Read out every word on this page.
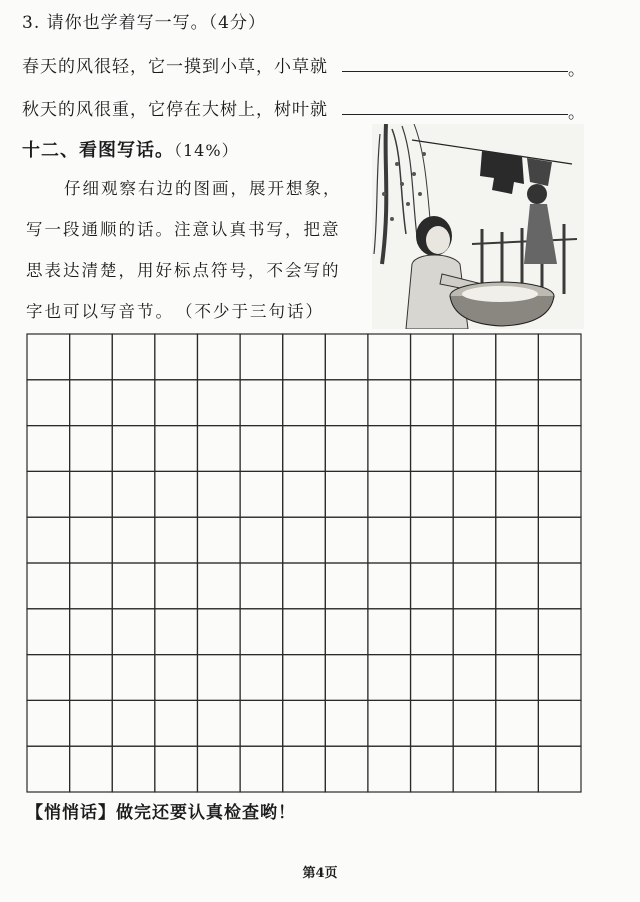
3. 请你也学着写一写。（4分）
春天的风很轻，它一摸到小草，小草就	。
秋天的风很重，它停在大树上，树叶就	。
十二、看图写话。（14%）

仔细观察右边的图画，展开想象，

写一段通顺的话。注意认真书写，把意

思表达清楚，用好标点符号，不会写的

字也可以写音节。　（不少于三句话）

【悄悄话】做完还要认真检查哟！
第4页
